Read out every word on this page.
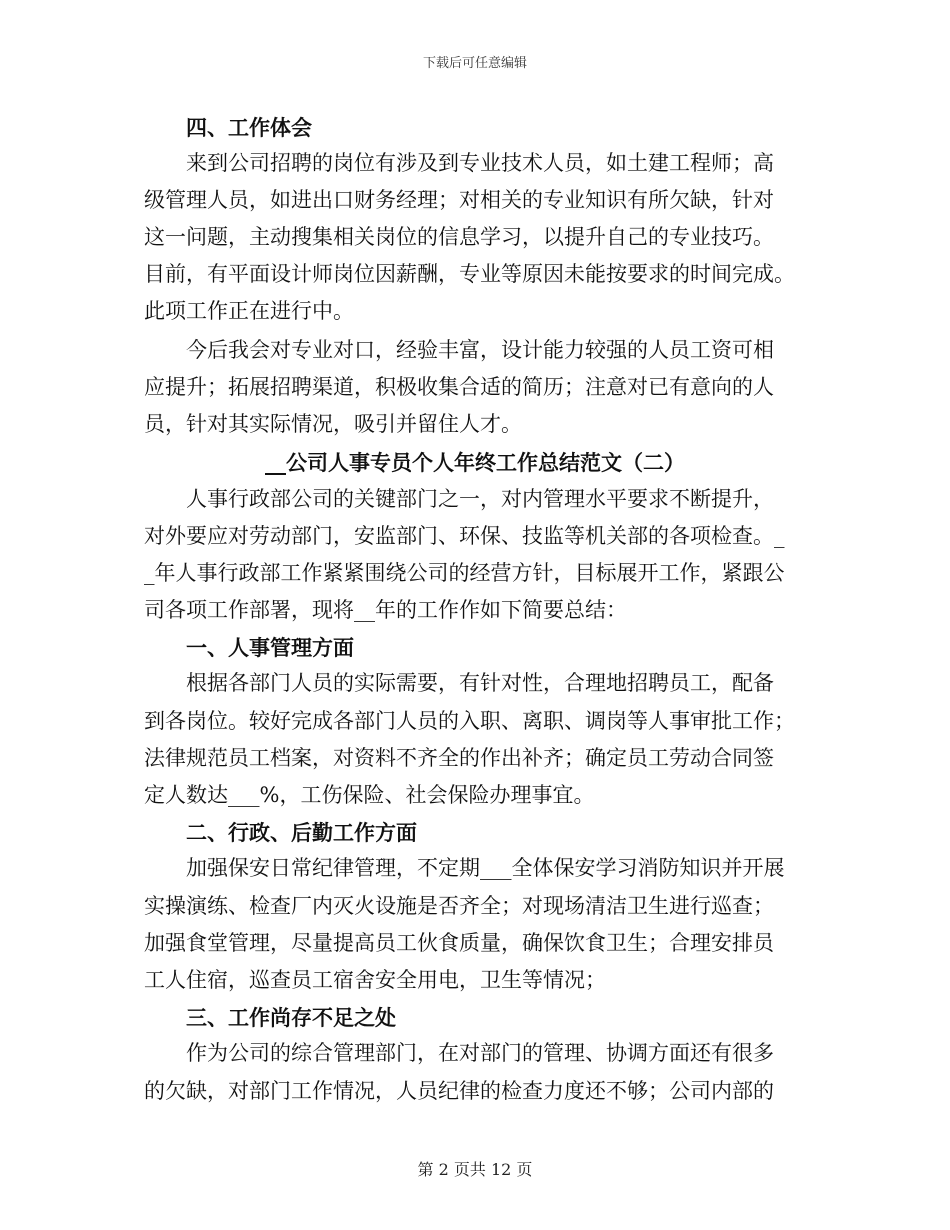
下载后可任意编辑
四、工作体会
来到公司招聘的岗位有涉及到专业技术人员，如土建工程师；高
级管理人员，如进出口财务经理；对相关的专业知识有所欠缺，针对
这一问题，主动搜集相关岗位的信息学习，以提升自己的专业技巧。
目前，有平面设计师岗位因薪酬，专业等原因未能按要求的时间完成。
此项工作正在进行中。
今后我会对专业对口，经验丰富，设计能力较强的人员工资可相
应提升；拓展招聘渠道，积极收集合适的简历；注意对已有意向的人
员，针对其实际情况，吸引并留住人才。
__公司人事专员个人年终工作总结范文（二）
人事行政部公司的关键部门之一，对内管理水平要求不断提升，
对外要应对劳动部门，安监部门、环保、技监等机关部的各项检查。_
_年人事行政部工作紧紧围绕公司的经营方针，目标展开工作，紧跟公
司各项工作部署，现将__年的工作作如下简要总结：
一、人事管理方面
根据各部门人员的实际需要，有针对性，合理地招聘员工，配备
到各岗位。较好完成各部门人员的入职、离职、调岗等人事审批工作；
法律规范员工档案，对资料不齐全的作出补齐；确定员工劳动合同签
定人数达___%，工伤保险、社会保险办理事宜。
二、行政、后勤工作方面
加强保安日常纪律管理，不定期___全体保安学习消防知识并开展
实操演练、检查厂内灭火设施是否齐全；对现场清洁卫生进行巡查；
加强食堂管理，尽量提高员工伙食质量，确保饮食卫生；合理安排员
工人住宿，巡查员工宿舍安全用电，卫生等情况；
三、工作尚存不足之处
作为公司的综合管理部门，在对部门的管理、协调方面还有很多
的欠缺，对部门工作情况，人员纪律的检查力度还不够；公司内部的
第 2 页共 12 页
